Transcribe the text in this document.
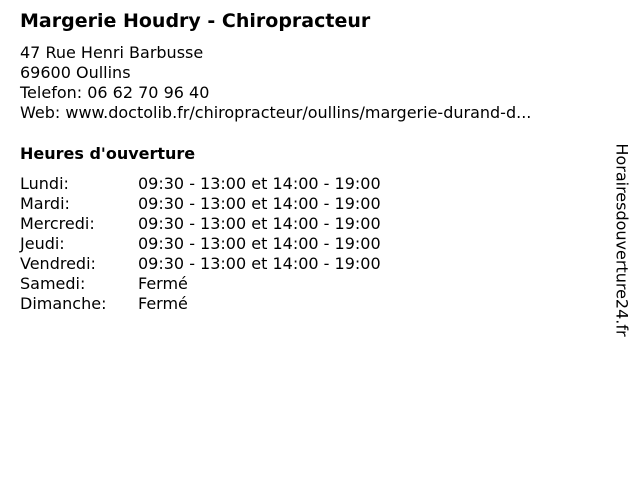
Margerie Houdry - Chiropracteur
47 Rue Henri Barbusse
69600 Oullins
Telefon: 06 62 70 96 40
Web: www.doctolib.fr/chiropracteur/oullins/margerie-durand-d...
Heures d'ouverture
Lundi:	09:30 - 13:00 et 14:00 - 19:00
Mardi:	09:30 - 13:00 et 14:00 - 19:00
Mercredi:	09:30 - 13:00 et 14:00 - 19:00
Jeudi:	09:30 - 13:00 et 14:00 - 19:00
Vendredi:	09:30 - 13:00 et 14:00 - 19:00
Samedi:	Fermé
Dimanche: Fermé	Horairesdouverture24.fr
